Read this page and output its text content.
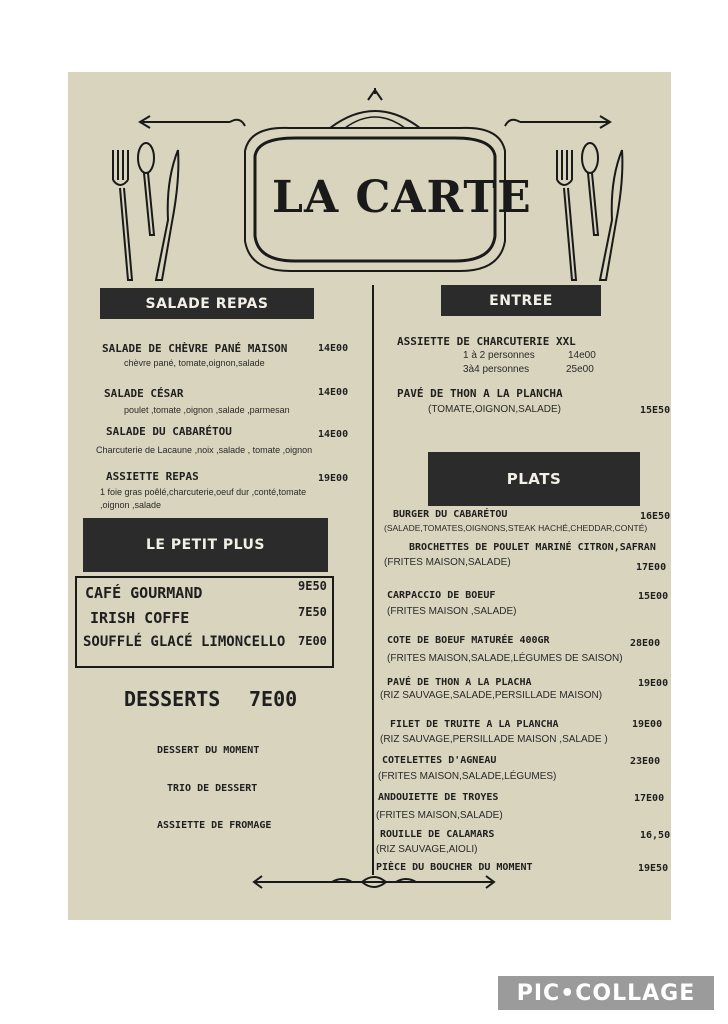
LA CARTE
SALADE REPAS	ENTREE
PLATS
LE PETIT PLUS
SALADE DE CHÈVRE PANÉ MAISON	14E00
chèvre pané, tomate,oignon,salade
SALADE CÉSAR	14E00
poulet ,tomate ,oignon ,salade ,parmesan
SALADE DU CABARÉTOU	14E00
Charcuterie de Lacaune ,noix ,salade , tomate ,oignon
ASSIETTE REPAS	19E00
1 foie gras poêlé,charcuterie,oeuf dur ,conté,tomate
,oignon ,salade
ASSIETTE DE CHARCUTERIE XXL
1 à 2 personnes	14e00
3à4 personnes	25e00
PAVÉ DE THON A LA PLANCHA
(TOMATE,OIGNON,SALADE)	15E50
CAFÉ GOURMAND	9E50
IRISH COFFE	7E50
SOUFFLÉ GLACÉ LIMONCELLO 7E00
DESSERTS 7E00
DESSERT DU MOMENT
TRIO DE DESSERT
ASSIETTE DE FROMAGE
BURGER DU CABARÉTOU	16E50
(SALADE,TOMATES,OIGNONS,STEAK HACHÉ,CHEDDAR,CONTÉ)
BROCHETTES DE POULET MARINÉ CITRON,SAFRAN
(FRITES MAISON,SALADE)	17E00
CARPACCIO DE BOEUF	15E00
(FRITES MAISON ,SALADE)
COTE DE BOEUF MATURÉE 400GR	28E00
(FRITES MAISON,SALADE,LÉGUMES DE SAISON)
PAVÉ DE THON A LA PLACHA	19E00
(RIZ SAUVAGE,SALADE,PERSILLADE MAISON)
FILET DE TRUITE A LA PLANCHA	19E00
(RIZ SAUVAGE,PERSILLADE MAISON ,SALADE )
COTELETTES D'AGNEAU	23E00
(FRITES MAISON,SALADE,LÉGUMES)
ANDOUIETTE DE TROYES	17E00
(FRITES MAISON,SALADE)
ROUILLE DE CALAMARS	16,50
(RIZ SAUVAGE,AIOLI)
PIÈCE DU BOUCHER DU MOMENT	19E50
PIC•COLLAGE
